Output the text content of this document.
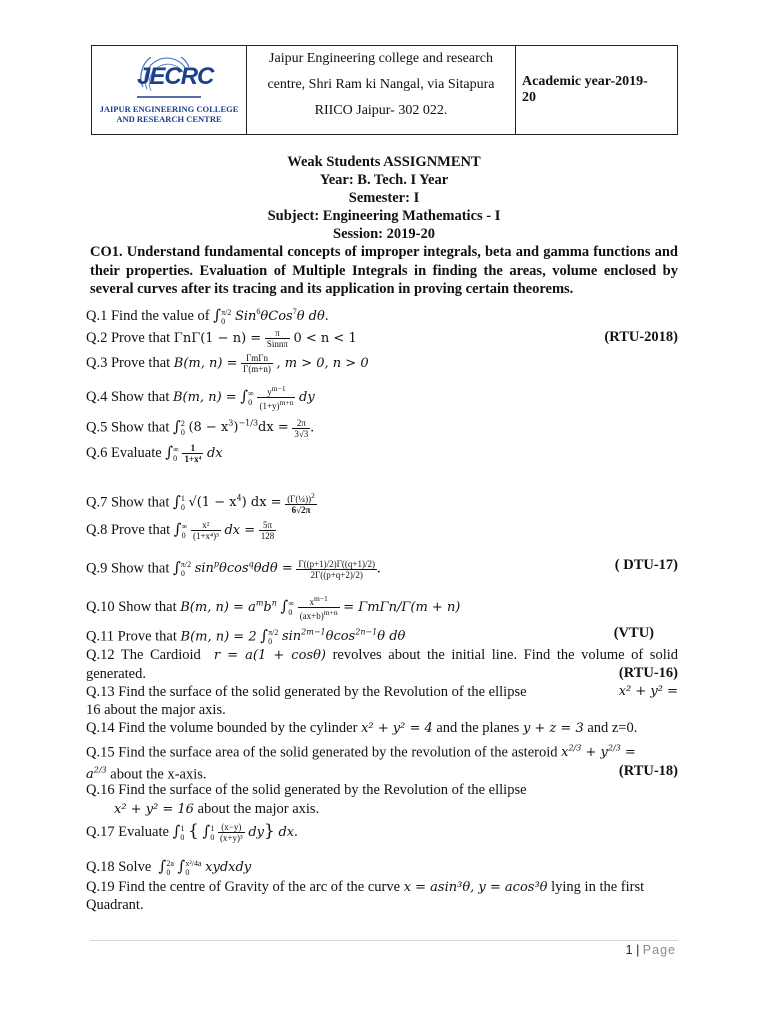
JECRC
JAIPUR ENGINEERING COLLEGE
AND RESEARCH CENTRE
Jaipur Engineering college and research
centre, Shri Ram ki Nangal, via Sitapura
RIICO Jaipur- 302 022.
Academic year-2019-
20
Weak Students ASSIGNMENT
Year: B. Tech. I Year
Semester: I
Subject: Engineering Mathematics - I
Session: 2019-20
CO1. Understand fundamental concepts of improper integrals, beta and gamma functions and their properties. Evaluation of Multiple Integrals in finding the areas, volume enclosed by several curves after its tracing and its application in proving certain theorems.
Q.1 Find the value of ∫ π/2
0 Sin$^6$θCos$^7$θ dθ.
Q.2 Prove that $\Gamma n\Gamma(1 - n) = \frac{\pi}{\text{Sinnπ}} 0 < n < 1$	(RTU-2018)
Q.3 Prove that B(m, $n) = \frac{\text{ΓmΓn}}{\Gamma(m+n)}$ , m > 0, n > 0
Q.4 Show that B(m, n) = ∫ ∞
0
$\frac{y^{m-1}}{(1+y)^{m+n}}$ dy
Q.5 Show that ∫ 2
0 $(8 - x^3)^{-1/3}dx = \frac{2\pi}{3√3}$ .
Q.6 Evaluate ∫ ∞
0
$\frac{1}{\text{1+x⁴}}$ dx
Q.7 Show that ∫ 1
0 $√(1 - x^4)$ dx = $\frac{(\Gamma(\frac{1}{4}))^2}{6√2\pi}$
Q.8 Prove that ∫ ∞
0
$\frac{\text{x²}}{\text{(1+x⁴)³}}$ dx = $\frac{5\pi}{128}$
Q.9 Show that ∫ π/2
0 $\sin^p\theta\cos^q\theta d\theta = \frac{\Gamma((p+1)/2)\Gamma((q+1)/2)}{2\Gamma((p+q+2)/2)}$ .	( DTU-17)
Q.10 Show that B(m, $n) = a^mb^n$ ∫ ∞
0
$\frac{x^{m-1}}{(ax+b)^{m+n}} = \Gamma m\Gamma n/\Gamma(m + n)$
Q.11 Prove that B(m, n) = 2 ∫ π/2
0 $\sin^{2m-1}\theta\cos^{2n-1}\theta$ dθ	(VTU)
Q.12 The Cardioid r = a(1 + cosθ) revolves about the initial line. Find the volume of solid generated.	(RTU-16)
Q.13 Find the surface of the solid generated by the Revolution of the ellipse	x² + y² =
16 about the major axis.
Q.14 Find the volume bounded by the cylinder x² + y² = 4 and the planes y + z = 3 and z=0.
Q.15 Find the surface area of the solid generated by the revolution of the asteroid $x^{2/3} + y^{2/3}$ =
$a^{2/3}$ about the x-axis.	(RTU-18)
Q.16 Find the surface of the solid generated by the Revolution of the ellipse
x² + y² = 16 about the major axis.
Q.17 Evaluate ∫ 1
0 { ∫ 1
0
$\frac{(x-y)}{\text{(x+y)³}} dy$} dx.
Q.18 Solve ∫ 2a
0 ∫ x²/4a
0	xydxdy
Q.19 Find the centre of Gravity of the arc of the curve x = asin³θ, y = acos³θ lying in the first
Quadrant.
1 | Page
